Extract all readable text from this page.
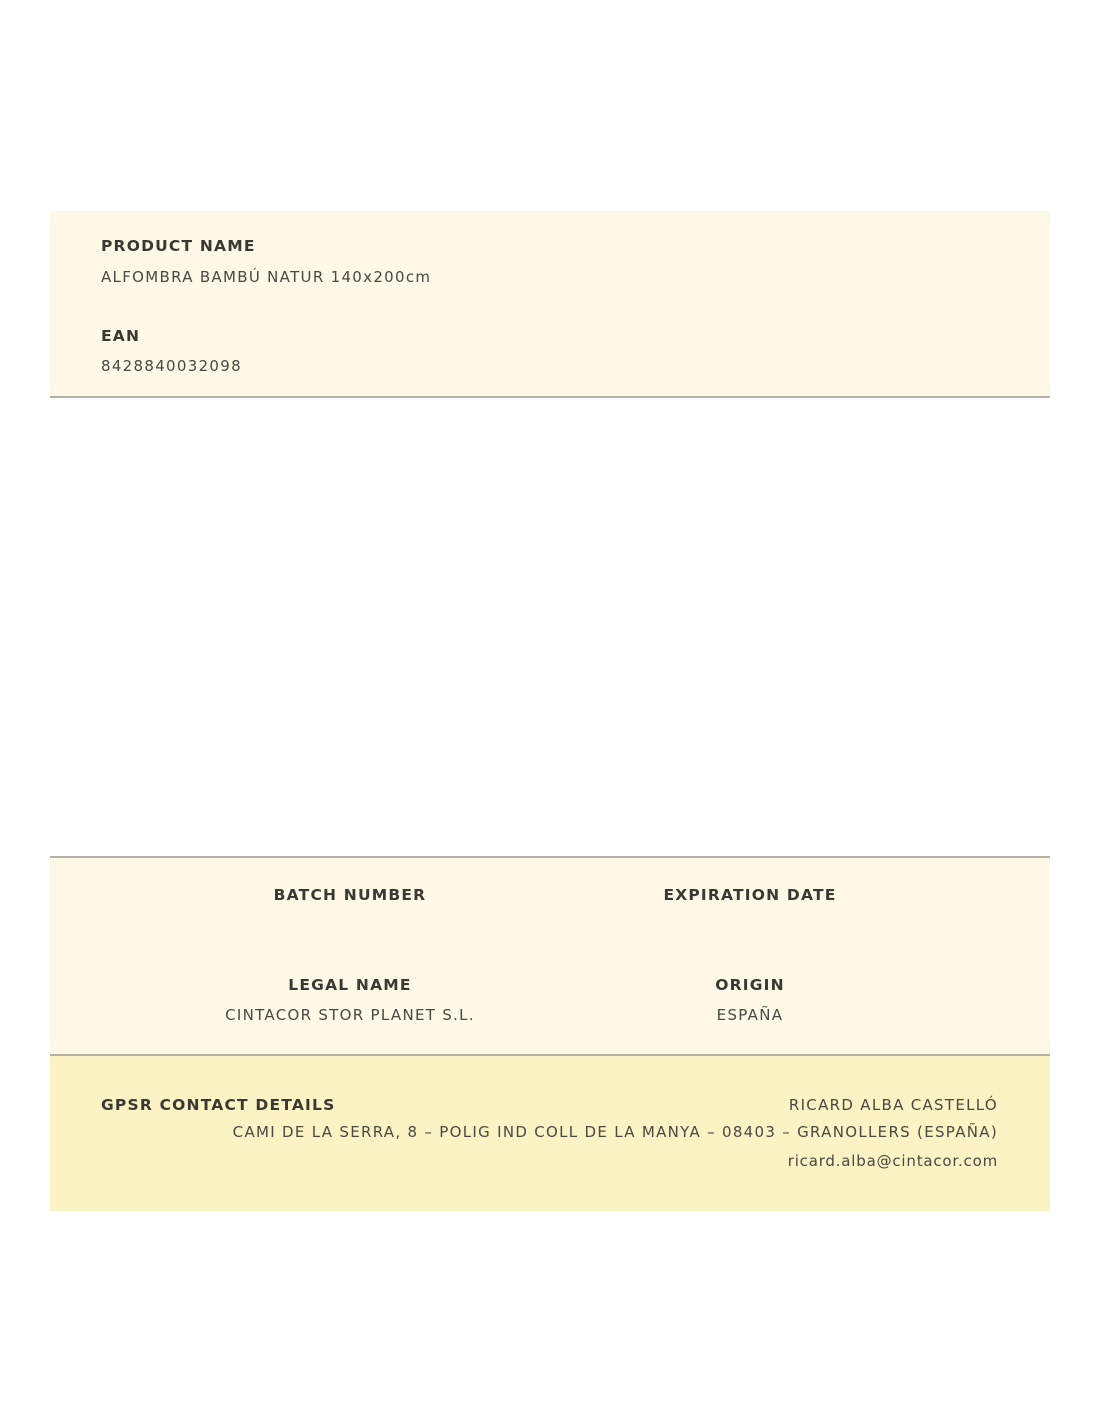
PRODUCT NAME
ALFOMBRA BAMBÚ NATUR 140x200cm
EAN
8428840032098
BATCH NUMBER	EXPIRATION DATE
LEGAL NAME
CINTACOR STOR PLANET S.L.
ORIGIN
ESPAÑA
GPSR CONTACT DETAILS	RICARD ALBA CASTELLÓ
CAMI DE LA SERRA, 8 – POLIG IND COLL DE LA MANYA – 08403 – GRANOLLERS (ESPAÑA)
ricard.alba@cintacor.com
